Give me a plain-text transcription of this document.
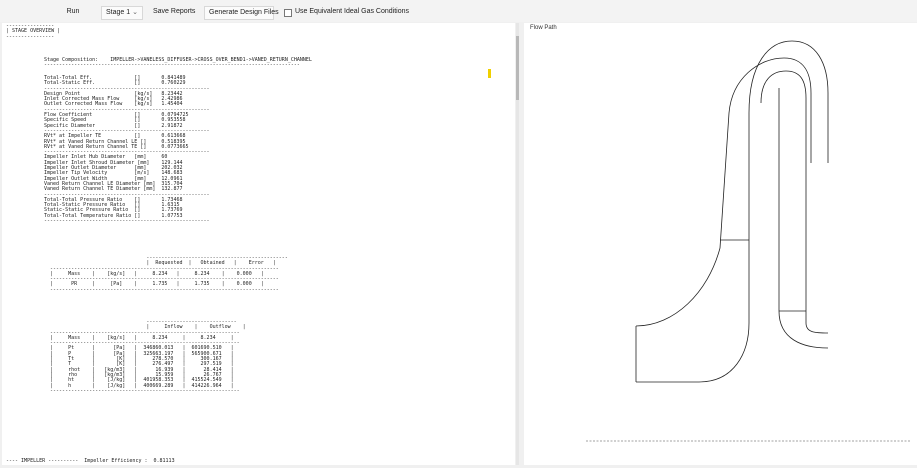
Run	Stage 1 ⌄	Save Reports	Generate Design Files	Use Equivalent Ideal Gas Conditions
----------------
| STAGE OVERVIEW |
----------------
Stage Composition:    IMPELLER->VANELESS_DIFFUSER->CROSS_OVER_BEND1->VANED_RETURN_CHANNEL
-------------------------------------------------------------------------------------
Total-Total Eff.              []       0.841489
Total-Static Eff.             []       0.760229
-------------------------------------------------------
Design Point                  [kg/s]   8.23442
Inlet Corrected Mass Flow     [kg/s]   2.42986
Outlet Corrected Mass Flow    [kg/s]   1.45404
-------------------------------------------------------
Flow Coefficient              []       0.0794725
Specific Speed                []       0.953558
Specific Diameter             []       2.91872
-------------------------------------------------------
RVt* at Impeller TE           []       0.613668
RVt* at Vaned Return Channel LE []     0.518395
RVt* at Vaned Return Channel TE []     0.0773665
-------------------------------------------------------
Impeller Inlet Hub Diameter   [mm]     60
Impeller Inlet Shroud Diameter [mm]    129.144
Impeller Outlet Diameter      [mm]     202.032
Impeller Tip Velocity         [m/s]    148.683
Impeller Outlet Width         [mm]     12.0961
Vaned Return Channel LE Diameter [mm]  315.704
Vaned Return Channel TE Diameter [mm]  132.877
-------------------------------------------------------
Total-Total Pressure Ratio    []       1.73468
Total-Static Pressure Ratio   []       1.6315
Static-Static Pressure Ratio  []       1.73769
Total-Total Temperature Ratio []       1.07753
-------------------------------------------------------
-----------------------------------------------
|  Requested  |   Obtained   |    Error   |
----------------------------------------------------------------------------
|     Mass    |    [kg/s]   |     8.234   |     8.234    |    0.000   |
----------------------------------------------------------------------------
|      PR     |     [Pa]    |     1.735   |     1.735    |    0.000   |
----------------------------------------------------------------------------
------------------------------
|     Inflow    |    Outflow    |
---------------------------------------------------------------
|     Mass    |    [kg/s]   |     8.234     |     8.234     |
---------------------------------------------------------------
|     Pt      |      [Pa]   |  346860.013   |  601690.510   |
|     P       |      [Pa]   |  325663.197   |  565900.671   |
|     Tt      |       [K]   |     278.570   |     300.167   |
|     T       |       [K]   |     276.497   |     297.519   |
|     rhot    |   [kg/m3]   |      16.939   |      28.414   |
|     rho     |   [kg/m3]   |      15.959   |      26.767   |
|     ht      |    [J/kg]   |  401958.353   |  415524.549   |
|     h       |    [J/kg]   |  400669.289   |  414226.964   |
---------------------------------------------------------------
---- IMPELLER ----------  Impeller Efficiency :  0.81113
Flow Path
